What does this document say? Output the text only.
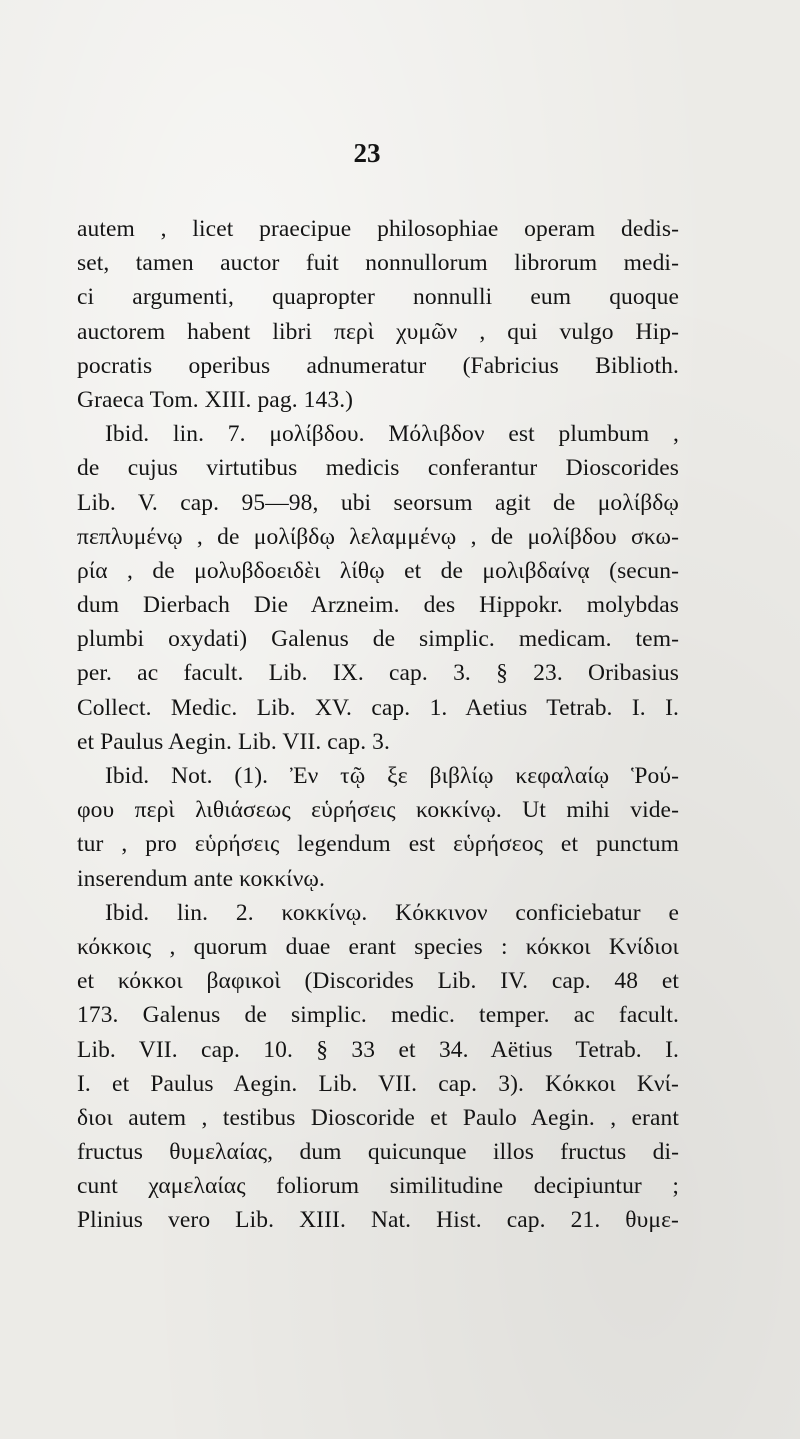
23
autem , licet praecipue philosophiae operam dedis-
set, tamen auctor fuit nonnullorum librorum medi-
ci argumenti, quapropter nonnulli eum quoque
auctorem habent libri περὶ χυμῶν , qui vulgo Hip-
pocratis operibus adnumeratur (Fabricius Biblioth.
Graeca Tom. XIII. pag. 143.)
Ibid. lin. 7. μολίβδου. Μόλιβδον est plumbum ,
de cujus virtutibus medicis conferantur Dioscorides
Lib. V. cap. 95—98, ubi seorsum agit de μολίβδῳ
πεπλυμένῳ , de μολίβδῳ λελαμμένῳ , de μολίβδου σκω-
ρία , de μολυβδοειδὲι λίθῳ et de μολιβδαίνᾳ (secun-
dum Dierbach Die Arzneim. des Hippokr. molybdas
plumbi oxydati) Galenus de simplic. medicam. tem-
per. ac facult. Lib. IX. cap. 3. § 23. Oribasius
Collect. Medic. Lib. XV. cap. 1. Aetius Tetrab. I. I.
et Paulus Aegin. Lib. VII. cap. 3.
Ibid. Not. (1). Ἐν τῷ ξε βιβλίῳ κεφαλαίῳ Ῥού-
φου περὶ λιθιάσεως εὑρήσεις κοκκίνῳ. Ut mihi vide-
tur , pro εὑρήσεις legendum est εὑρήσεος et punctum
inserendum ante κοκκίνῳ.
Ibid. lin. 2. κοκκίνῳ. Κόκκινον conficiebatur e
κόκκοις , quorum duae erant species : κόκκοι Κνίδιοι
et κόκκοι βαφικοὶ (Discorides Lib. IV. cap. 48 et
173. Galenus de simplic. medic. temper. ac facult.
Lib. VII. cap. 10. § 33 et 34. Aëtius Tetrab. I.
I. et Paulus Aegin. Lib. VII. cap. 3). Κόκκοι Κνί-
διοι autem , testibus Dioscoride et Paulo Aegin. , erant
fructus θυμελαίας, dum quicunque illos fructus di-
cunt χαμελαίας foliorum similitudine decipiuntur ;
Plinius vero Lib. XIII. Nat. Hist. cap. 21. θυμε-
